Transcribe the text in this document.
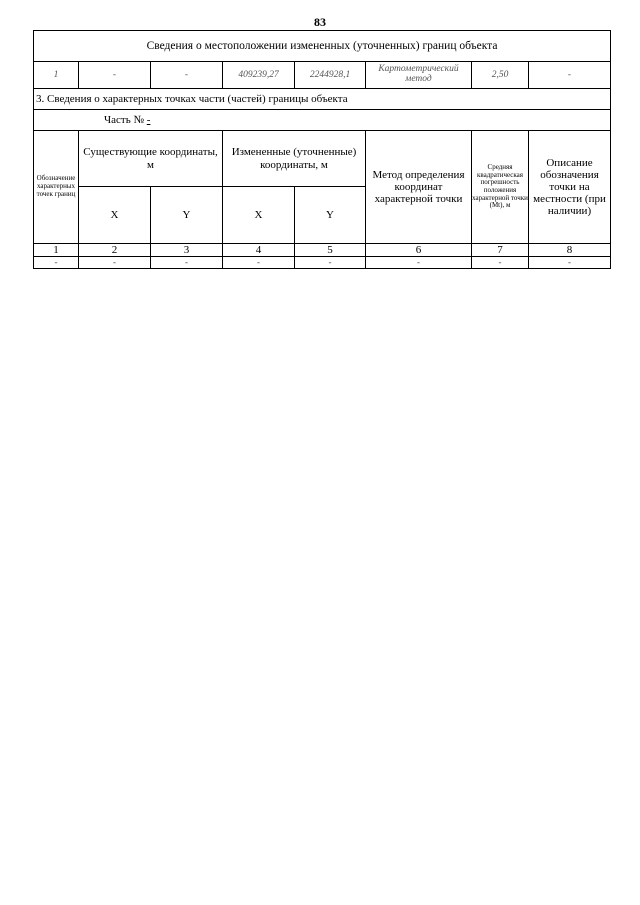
83
Сведения о местоположении измененных (уточненных) границ объекта							
1	-	-	409239,27	2244928,1	Картометрический метод	2,50	-
3. Сведения о характерных точках части (частей) границы объекта							
Часть № -							
Обозначение характерных точек границ	Существующие координаты, м		Измененные (уточненные) координаты, м		Метод определения координат характерной точки	Средняя квадратическая погрешность положения характерной точки (Mt), м	Описание обозначения точки на местности (при наличии)
	X	Y	X	Y			
1	2	3	4	5	6	7	8
-	-	-	-	-	-	-	-
